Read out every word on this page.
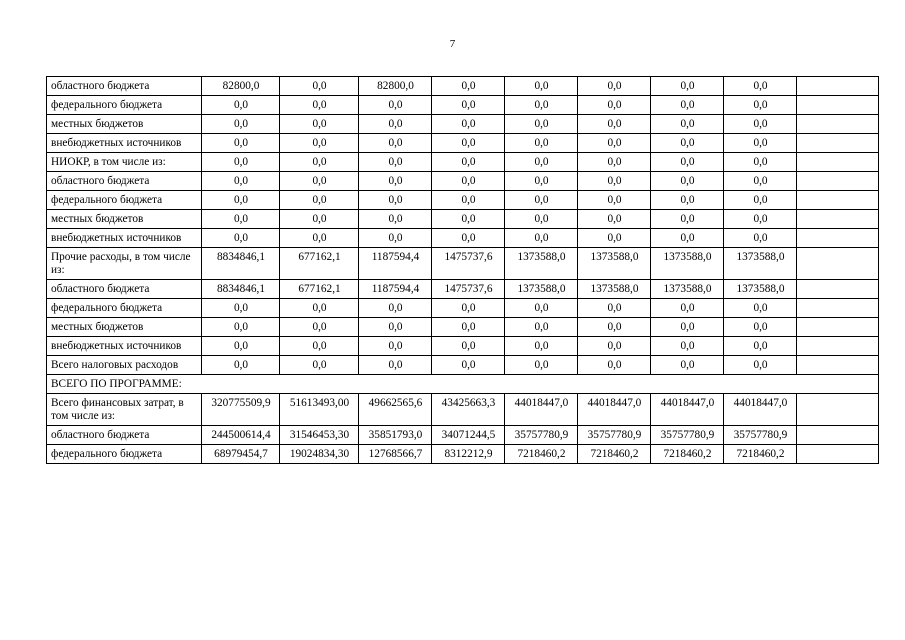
7
областного бюджета	82800,0	0,0	82800,0	0,0	0,0	0,0	0,0	0,0	
федерального бюджета	0,0	0,0	0,0	0,0	0,0	0,0	0,0	0,0	
местных бюджетов	0,0	0,0	0,0	0,0	0,0	0,0	0,0	0,0	
внебюджетных источников	0,0	0,0	0,0	0,0	0,0	0,0	0,0	0,0	
НИОКР, в том числе из:	0,0	0,0	0,0	0,0	0,0	0,0	0,0	0,0	
областного бюджета	0,0	0,0	0,0	0,0	0,0	0,0	0,0	0,0	
федерального бюджета	0,0	0,0	0,0	0,0	0,0	0,0	0,0	0,0	
местных бюджетов	0,0	0,0	0,0	0,0	0,0	0,0	0,0	0,0	
внебюджетных источников	0,0	0,0	0,0	0,0	0,0	0,0	0,0	0,0	
Прочие расходы, в том числе из:	8834846,1	677162,1	1187594,4	1475737,6	1373588,0	1373588,0	1373588,0	1373588,0	
областного бюджета	8834846,1	677162,1	1187594,4	1475737,6	1373588,0	1373588,0	1373588,0	1373588,0	
федерального бюджета	0,0	0,0	0,0	0,0	0,0	0,0	0,0	0,0	
местных бюджетов	0,0	0,0	0,0	0,0	0,0	0,0	0,0	0,0	
внебюджетных источников	0,0	0,0	0,0	0,0	0,0	0,0	0,0	0,0	
Всего налоговых расходов	0,0	0,0	0,0	0,0	0,0	0,0	0,0	0,0	
ВСЕГО ПО ПРОГРАММЕ:									
Всего финансовых затрат, в том числе из:	320775509,9	51613493,00	49662565,6	43425663,3	44018447,0	44018447,0	44018447,0	44018447,0	
областного бюджета	244500614,4	31546453,30	35851793,0	34071244,5	35757780,9	35757780,9	35757780,9	35757780,9	
федерального бюджета	68979454,7	19024834,30	12768566,7	8312212,9	7218460,2	7218460,2	7218460,2	7218460,2	
